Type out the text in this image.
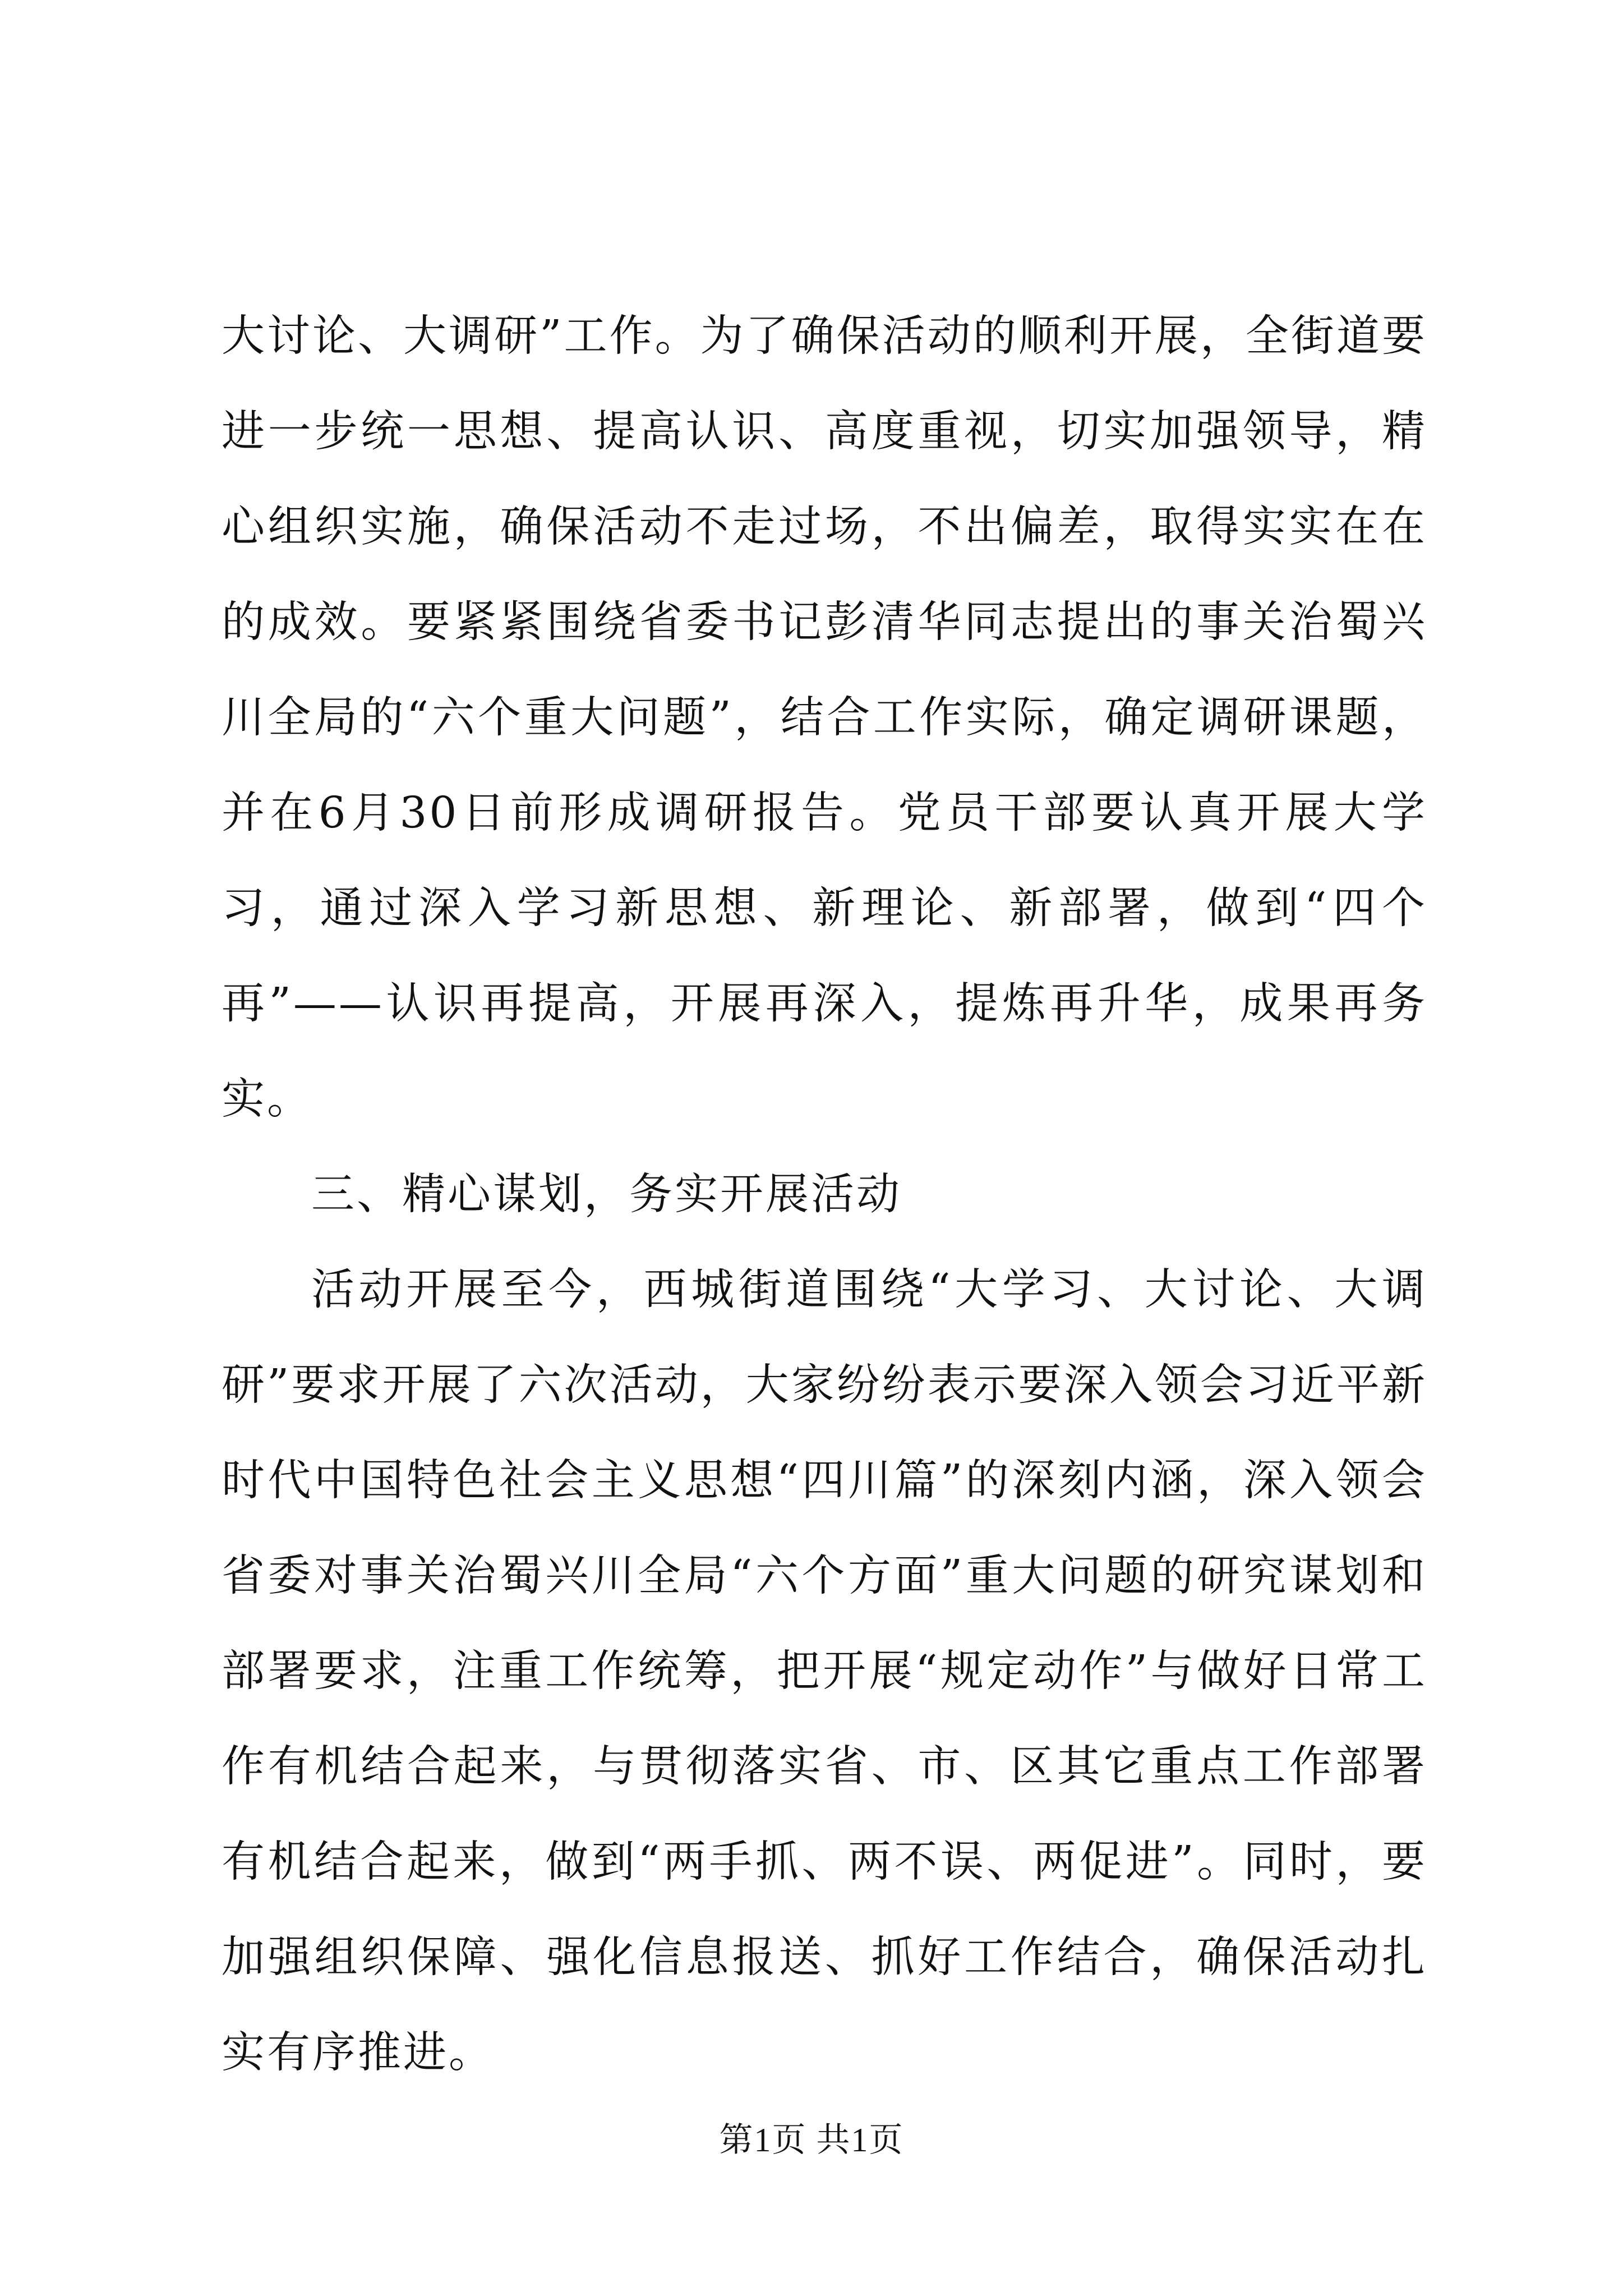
大讨论、大调研”工作。为了确保活动的顺利开展，全街道要进一步统一思想、提高认识、高度重视，切实加强领导，精心组织实施，确保活动不走过场，不出偏差，取得实实在在的成效。要紧紧围绕省委书记彭清华同志提出的事关治蜀兴川全局的“六个重大问题”，结合工作实际，确定调研课题，并在6月30日前形成调研报告。党员干部要认真开展大学习，通过深入学习新思想、新理论、新部署，做到“四个再”——认识再提高，开展再深入，提炼再升华，成果再务实。

三、精心谋划，务实开展活动

活动开展至今，西城街道围绕“大学习、大讨论、大调研”要求开展了六次活动，大家纷纷表示要深入领会习近平新时代中国特色社会主义思想“四川篇”的深刻内涵，深入领会省委对事关治蜀兴川全局“六个方面”重大问题的研究谋划和部署要求，注重工作统筹，把开展“规定动作”与做好日常工作有机结合起来，与贯彻落实省、市、区其它重点工作部署有机结合起来，做到“两手抓、两不误、两促进”。同时，要加强组织保障、强化信息报送、抓好工作结合，确保活动扎实有序推进。

第1页 共1页
